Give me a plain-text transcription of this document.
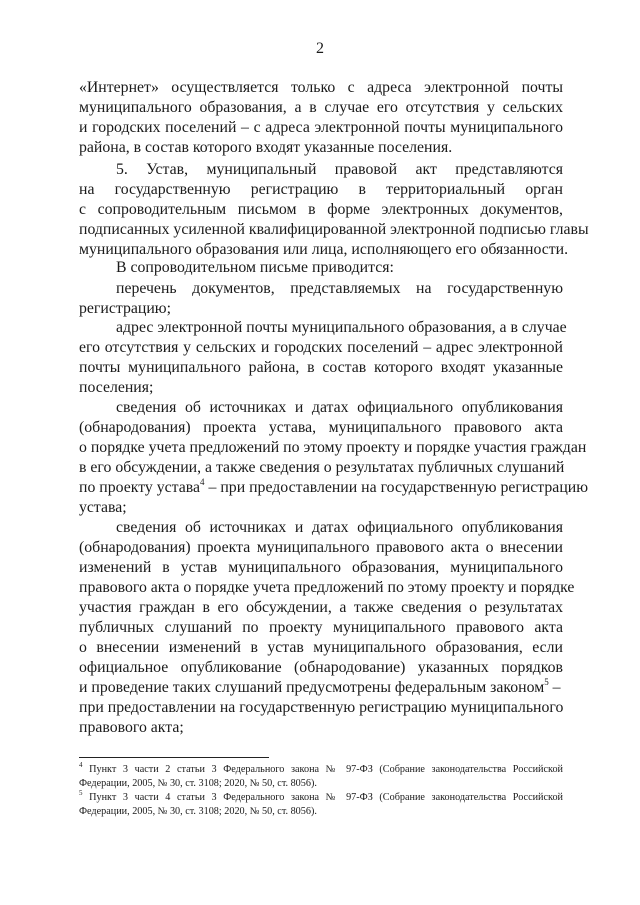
2
«Интернет» осуществляется только с адреса электронной почты
муниципального образования, а в случае его отсутствия у сельских
и городских поселений – с адреса электронной почты муниципального
района, в состав которого входят указанные поселения.
5. Устав, муниципальный правовой акт представляются
на государственную регистрацию в территориальный орган
с сопроводительным письмом в форме электронных документов,
подписанных усиленной квалифицированной электронной подписью главы
муниципального образования или лица, исполняющего его обязанности.
В сопроводительном письме приводится:
перечень документов, представляемых на государственную
регистрацию;
адрес электронной почты муниципального образования, а в случае
его отсутствия у сельских и городских поселений – адрес электронной
почты муниципального района, в состав которого входят указанные
поселения;
сведения об источниках и датах официального опубликования
(обнародования) проекта устава, муниципального правового акта
о порядке учета предложений по этому проекту и порядке участия граждан
в его обсуждении, а также сведения о результатах публичных слушаний
по проекту устава$^4$ – при предоставлении на государственную регистрацию
устава;
сведения об источниках и датах официального опубликования
(обнародования) проекта муниципального правового акта о внесении
изменений в устав муниципального образования, муниципального
правового акта о порядке учета предложений по этому проекту и порядке
участия граждан в его обсуждении, а также сведения о результатах
публичных слушаний по проекту муниципального правового акта
о внесении изменений в устав муниципального образования, если
официальное опубликование (обнародование) указанных порядков
и проведение таких слушаний предусмотрены федеральным законом$^5$ –
при предоставлении на государственную регистрацию муниципального
правового акта;
$^4$ Пункт 3 части 2 статьи 3 Федерального закона № 97-ФЗ (Собрание законодательства Российской
Федерации, 2005, № 30, ст. 3108; 2020, № 50, ст. 8056).
$^5$ Пункт 3 части 4 статьи 3 Федерального закона № 97-ФЗ (Собрание законодательства Российской
Федерации, 2005, № 30, ст. 3108; 2020, № 50, ст. 8056).
